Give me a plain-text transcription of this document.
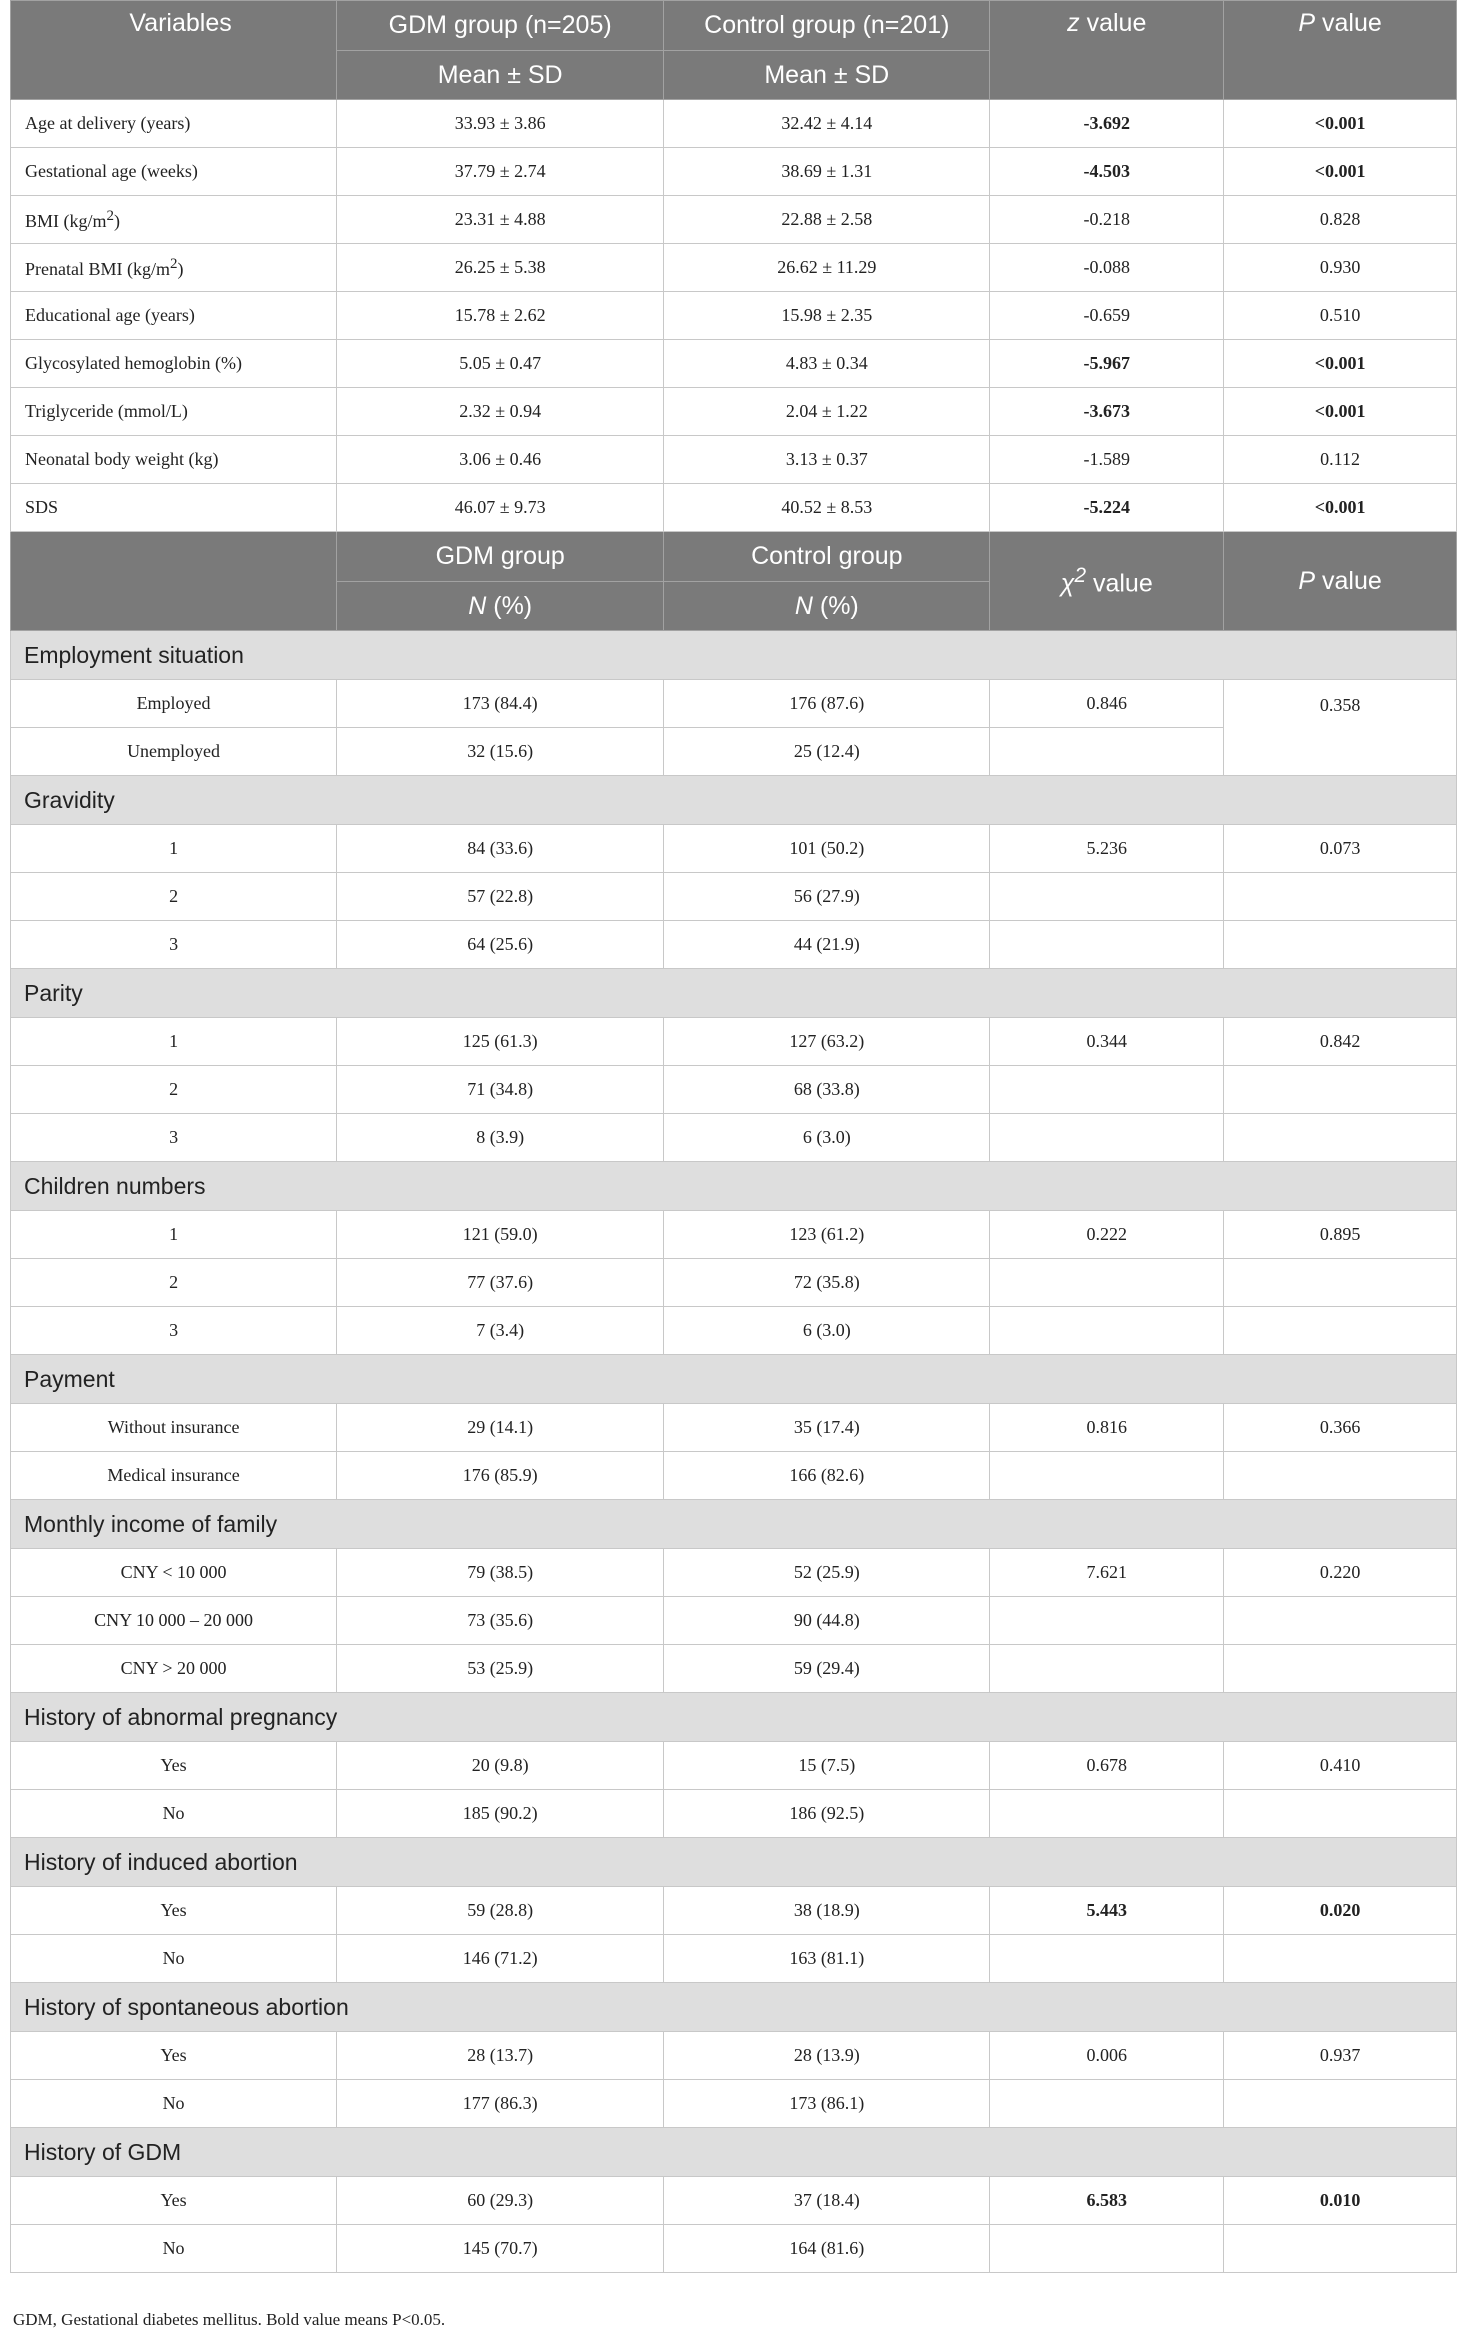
Variables	GDM group (n=205)	Control group (n=201)	z value	P value
	Mean ± SD	Mean ± SD		
Age at delivery (years)	33.93 ± 3.86	32.42 ± 4.14	-3.692	<0.001
Gestational age (weeks)	37.79 ± 2.74	38.69 ± 1.31	-4.503	<0.001
BMI $(kg/m^2)$	23.31 ± 4.88	22.88 ± 2.58	-0.218	0.828
Prenatal BMI $(kg/m^2)$	26.25 ± 5.38	26.62 ± 11.29	-0.088	0.930
Educational age (years)	15.78 ± 2.62	15.98 ± 2.35	-0.659	0.510
Glycosylated hemoglobin (%)	5.05 ± 0.47	4.83 ± 0.34	-5.967	<0.001
Triglyceride (mmol/L)	2.32 ± 0.94	2.04 ± 1.22	-3.673	<0.001
Neonatal body weight (kg)	3.06 ± 0.46	3.13 ± 0.37	-1.589	0.112
SDS	46.07 ± 9.73	40.52 ± 8.53	-5.224	<0.001
	GDM group	Control group	$\chi^2$ value	P value
	N (%)	N (%)		
Employment situation				
Employed	173 (84.4)	176 (87.6)	0.846	0.358
Unemployed	32 (15.6)	25 (12.4)		
Gravidity				
1	84 (33.6)	101 (50.2)	5.236	0.073
2	57 (22.8)	56 (27.9)		
3	64 (25.6)	44 (21.9)		
Parity				
1	125 (61.3)	127 (63.2)	0.344	0.842
2	71 (34.8)	68 (33.8)		
3	8 (3.9)	6 (3.0)		
Children numbers				
1	121 (59.0)	123 (61.2)	0.222	0.895
2	77 (37.6)	72 (35.8)		
3	7 (3.4)	6 (3.0)		
Payment				
Without insurance	29 (14.1)	35 (17.4)	0.816	0.366
Medical insurance	176 (85.9)	166 (82.6)		
Monthly income of family				
CNY < 10 000	79 (38.5)	52 (25.9)	7.621	0.220
CNY 10 000 – 20 000	73 (35.6)	90 (44.8)		
CNY > 20 000	53 (25.9)	59 (29.4)		
History of abnormal pregnancy				
Yes	20 (9.8)	15 (7.5)	0.678	0.410
No	185 (90.2)	186 (92.5)		
History of induced abortion				
Yes	59 (28.8)	38 (18.9)	5.443	0.020
No	146 (71.2)	163 (81.1)		
History of spontaneous abortion				
Yes	28 (13.7)	28 (13.9)	0.006	0.937
No	177 (86.3)	173 (86.1)		
History of GDM				
Yes	60 (29.3)	37 (18.4)	6.583	0.010
No	145 (70.7)	164 (81.6)		
GDM, Gestational diabetes mellitus. Bold value means P<0.05.
